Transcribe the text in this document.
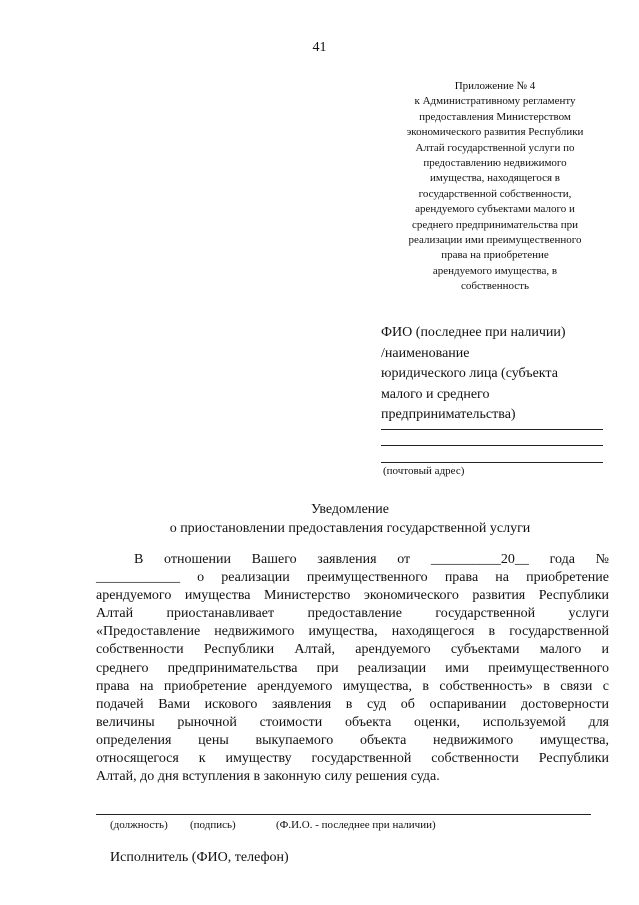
41
Приложение № 4
к Административному регламенту
предоставления Министерством
экономического развития Республики
Алтай государственной услуги по
предоставлению недвижимого
имущества, находящегося в
государственной собственности,
арендуемого субъектами малого и
среднего предпринимательства при
реализации ими преимущественного
права на приобретение
арендуемого имущества, в
собственность
ФИО (последнее при наличии)
/наименование
юридического лица (субъекта
малого и среднего
предпринимательства)
(почтовый адрес)
Уведомление
о приостановлении предоставления государственной услуги
В отношении Вашего заявления от __________20__ года №
____________ о реализации преимущественного права на приобретение
арендуемого имущества Министерство экономического развития Республики
Алтай приостанавливает предоставление государственной услуги
«Предоставление недвижимого имущества, находящегося в государственной
собственности Республики Алтай, арендуемого субъектами малого и
среднего предпринимательства при реализации ими преимущественного
права на приобретение арендуемого имущества, в собственность» в связи с
подачей Вами искового заявления в суд об оспаривании достоверности
величины рыночной стоимости объекта оценки, используемой для
определения цены выкупаемого объекта недвижимого имущества,
относящегося к имуществу государственной собственности Республики
Алтай, до дня вступления в законную силу решения суда.
(должность) (подпись)	(Ф.И.О. - последнее при наличии)
Исполнитель (ФИО, телефон)
